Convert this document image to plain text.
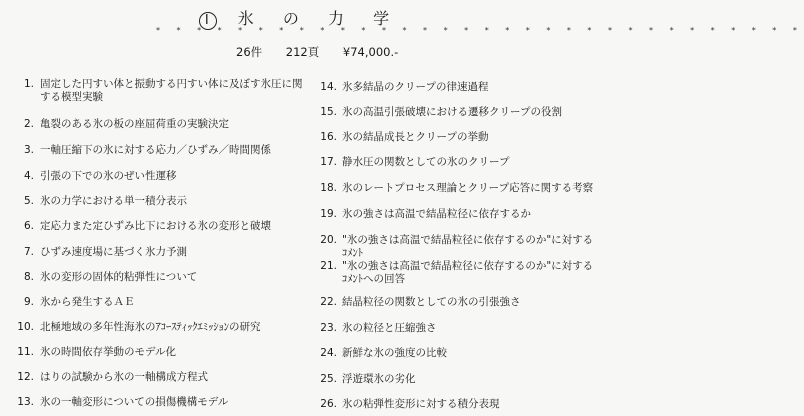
I 氷 の 力 学
* * * * * * * * * * * * * * * * * * * * * * * * * * * * * * * *
26件 212頁 ¥74,000.-
1. 固定した円すい体と振動する円すい体に及ぼす氷圧に関する模型実験
2. 亀裂のある氷の板の座屈荷重の実験決定
3. 一軸圧縮下の氷に対する応力／ひずみ／時間関係
4. 引張の下での氷のぜい性運移
5. 氷の力学における単一積分表示
6. 定応力また定ひずみ比下における氷の変形と破壊
7. ひずみ速度場に基づく氷力予測
8. 氷の変形の固体的粘弾性について
9. 氷から発生するＡＥ
10. 北極地域の多年性海氷のｱｺｰｽﾃｨｯｸｴﾐｯｼｮﾝの研究
11. 氷の時間依存挙動のモデル化
12. はりの試験から氷の一軸構成方程式
13. 氷の一軸変形についての損傷機構モデル
14. 氷多結晶のクリープの律速過程
15. 氷の高温引張破壊における遷移クリープの役割
16. 氷の結晶成長とクリープの挙動
17. 静水圧の関数としての氷のクリープ
18. 氷のレートプロセス理論とクリープ応答に関する考察
19. 氷の強さは高温で結晶粒径に依存するか
20. "氷の強さは高温で結晶粒径に依存するのか"に対するｺﾒﾝﾄ
21. "氷の強さは高温で結晶粒径に依存するのか"に対するｺﾒﾝﾄへの回答
22. 結晶粒径の関数としての氷の引張強さ
23. 氷の粒径と圧縮強さ
24. 新鮮な氷の強度の比較
25. 浮遊環氷の劣化
26. 氷の粘弾性変形に対する積分表現
